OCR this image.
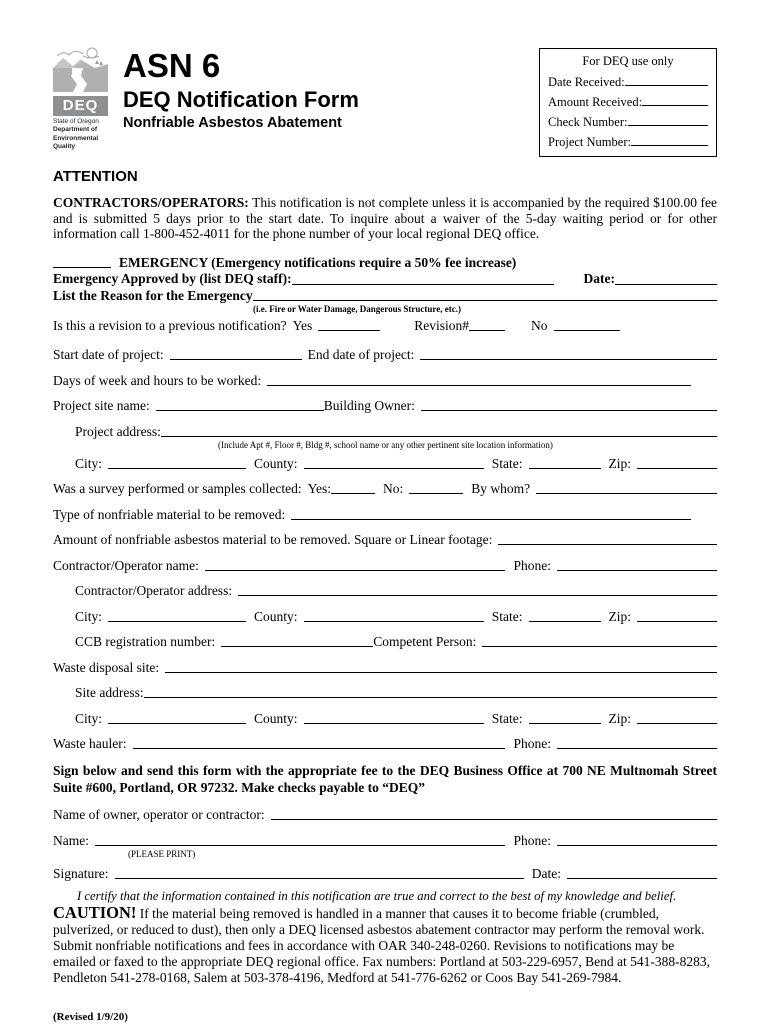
DEQ
State of Oregon
Department of
Environmental
Quality
ASN 6
DEQ Notification Form
Nonfriable Asbestos Abatement
For DEQ use only
Date Received:
Amount Received:
Check Number:
Project Number:
ATTENTION

CONTRACTORS/OPERATORS: This notification is not complete unless it is accompanied by the required $100.00 fee and is submitted 5 days prior to the start date. To inquire about a waiver of the 5-day waiting period or for other information call 1-800-452-4011 for the phone number of your local regional DEQ office.

EMERGENCY (Emergency notifications require a 50% fee increase)
Emergency Approved by (list DEQ staff):	Date:
List the Reason for the Emergency
(i.e. Fire or Water Damage, Dangerous Structure, etc.)
Is this a revision to a previous notification? Yes	Revision#	No
Start date of project:	End date of project:
Days of week and hours to be worked:
Project site name:	Building Owner:
Project address:
(Include Apt #, Floor #, Bldg #, school name or any other pertinent site location information)
City:	County:	State:	Zip:
Was a survey performed or samples collected: Yes:	No:	By whom?
Type of nonfriable material to be removed:
Amount of nonfriable asbestos material to be removed. Square or Linear footage:
Contractor/Operator name:	Phone:
Contractor/Operator address:
City:	County:	State:	Zip:
CCB registration number:	Competent Person:
Waste disposal site:
Site address:
City:	County:	State:	Zip:
Waste hauler:	Phone:

Sign below and send this form with the appropriate fee to the DEQ Business Office at 700 NE Multnomah Street Suite #600, Portland, OR 97232. Make checks payable to “DEQ”

Name of owner, operator or contractor:
Name:	Phone:
(PLEASE PRINT)
Signature:	Date:

I certify that the information contained in this notification are true and correct to the best of my knowledge and belief.

CAUTION! If the material being removed is handled in a manner that causes it to become friable (crumbled, pulverized, or reduced to dust), then only a DEQ licensed asbestos abatement contractor may perform the removal work. Submit nonfriable notifications and fees in accordance with OAR 340-248-0260. Revisions to notifications may be emailed or faxed to the appropriate DEQ regional office. Fax numbers: Portland at 503-229-6957, Bend at 541-388-8283, Pendleton 541-278-0168, Salem at 503-378-4196, Medford at 541-776-6262 or Coos Bay 541-269-7984.

(Revised 1/9/20)
